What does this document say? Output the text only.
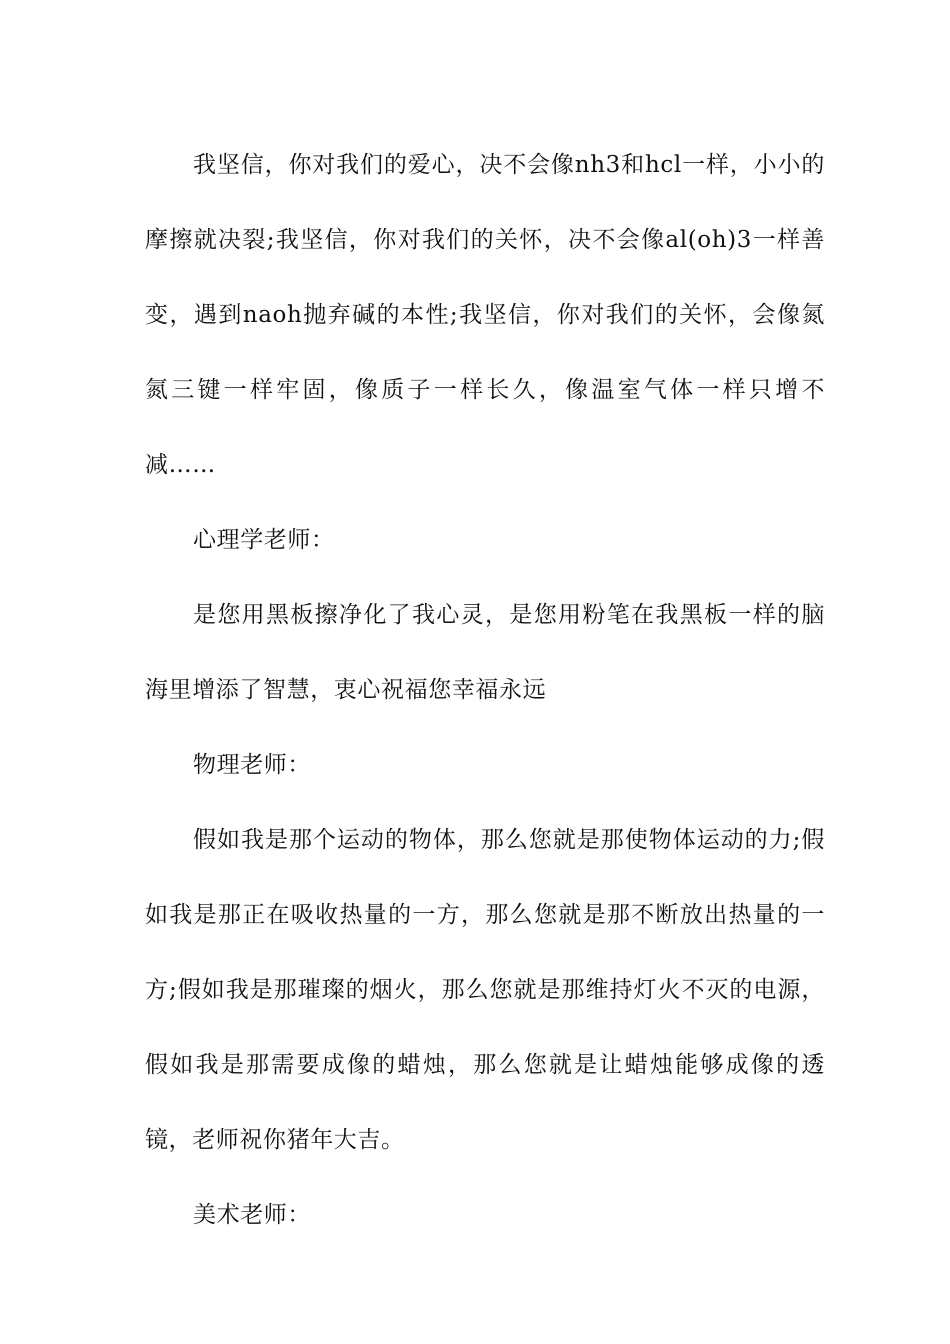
我坚信，你对我们的爱心，决不会像nh3和hcl一样，小小的摩擦就决裂;我坚信，你对我们的关怀，决不会像al(oh)3一样善变，遇到naoh抛弃碱的本性;我坚信，你对我们的关怀，会像氮氮三键一样牢固，像质子一样长久，像温室气体一样只增不减……

心理学老师：

是您用黑板擦净化了我心灵，是您用粉笔在我黑板一样的脑海里增添了智慧，衷心祝福您幸福永远

物理老师：

假如我是那个运动的物体，那么您就是那使物体运动的力;假如我是那正在吸收热量的一方，那么您就是那不断放出热量的一方;假如我是那璀璨的烟火，那么您就是那维持灯火不灭的电源，假如我是那需要成像的蜡烛，那么您就是让蜡烛能够成像的透镜，老师祝你猪年大吉。

美术老师：
